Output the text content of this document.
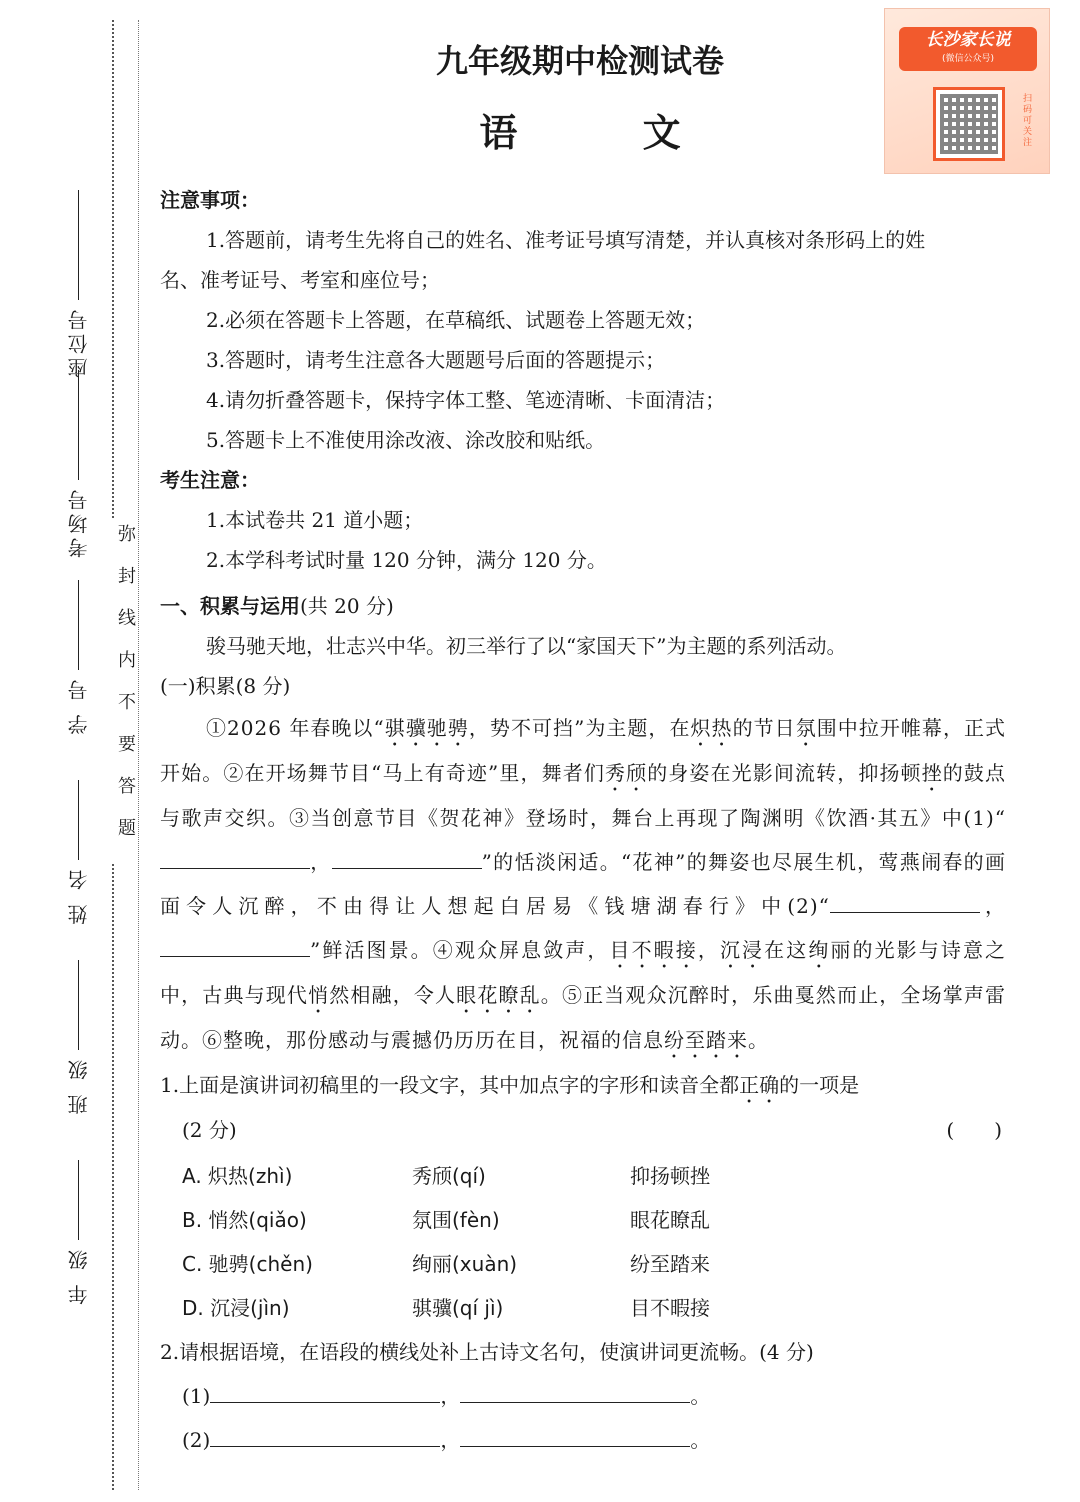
座位号
考场号
学 号
姓 名
班 级
年 级
弥封线内不要答题
长沙家长说
(微信公众号)
扫码可关注
九年级期中检测试卷
语 文
注意事项：
1.答题前，请考生先将自己的姓名、准考证号填写清楚，并认真核对条形码上的姓
名、准考证号、考室和座位号；
2.必须在答题卡上答题，在草稿纸、试题卷上答题无效；
3.答题时，请考生注意各大题题号后面的答题提示；
4.请勿折叠答题卡，保持字体工整、笔迹清晰、卡面清洁；
5.答题卡上不准使用涂改液、涂改胶和贴纸。
考生注意：
1.本试卷共 21 道小题；
2.本学科考试时量 120 分钟，满分 120 分。
一、积累与运用(共 20 分)
骏马驰天地，壮志兴中华。初三举行了以“家国天下”为主题的系列活动。
(一)积累(8 分)
①2026 年春晚以“骐骥驰骋，势不可挡”为主题，在炽热的节日氛围中拉开帷幕，正式开始。②在开场舞节目“马上有奇迹”里，舞者们秀颀的身姿在光影间流转，抑扬顿挫的鼓点与歌声交织。③当创意节目《贺花神》登场时，舞台上再现了陶渊明《饮酒·其五》中(1)“，	”的恬淡闲适。“花神”的舞姿也尽展生机，莺燕闹春的画面令人沉醉，不由得让人想起白居易《钱塘湖春行》中(2)“	，”鲜活图景。④观众屏息敛声，目不暇接，沉浸在这绚丽的光影与诗意之中，古典与现代悄然相融，令人眼花瞭乱。⑤正当观众沉醉时，乐曲戛然而止，全场掌声雷动。⑥整晚，那份感动与震撼仍历历在目，祝福的信息纷至踏来。
1.上面是演讲词初稿里的一段文字，其中加点字的字形和读音全都正确的一项是
(2 分)	(　　)
A. 炽热(zhì)	秀颀(qí)	抑扬顿挫
B. 悄然(qiǎo)	氛围(fèn)	眼花瞭乱
C. 驰骋(chěn)	绚丽(xuàn)	纷至踏来
D. 沉浸(jìn)	骐骥(qí jì)	目不暇接
2.请根据语境，在语段的横线处补上古诗文名句，使演讲词更流畅。(4 分)
(1)	，	。
(2)	，	。
